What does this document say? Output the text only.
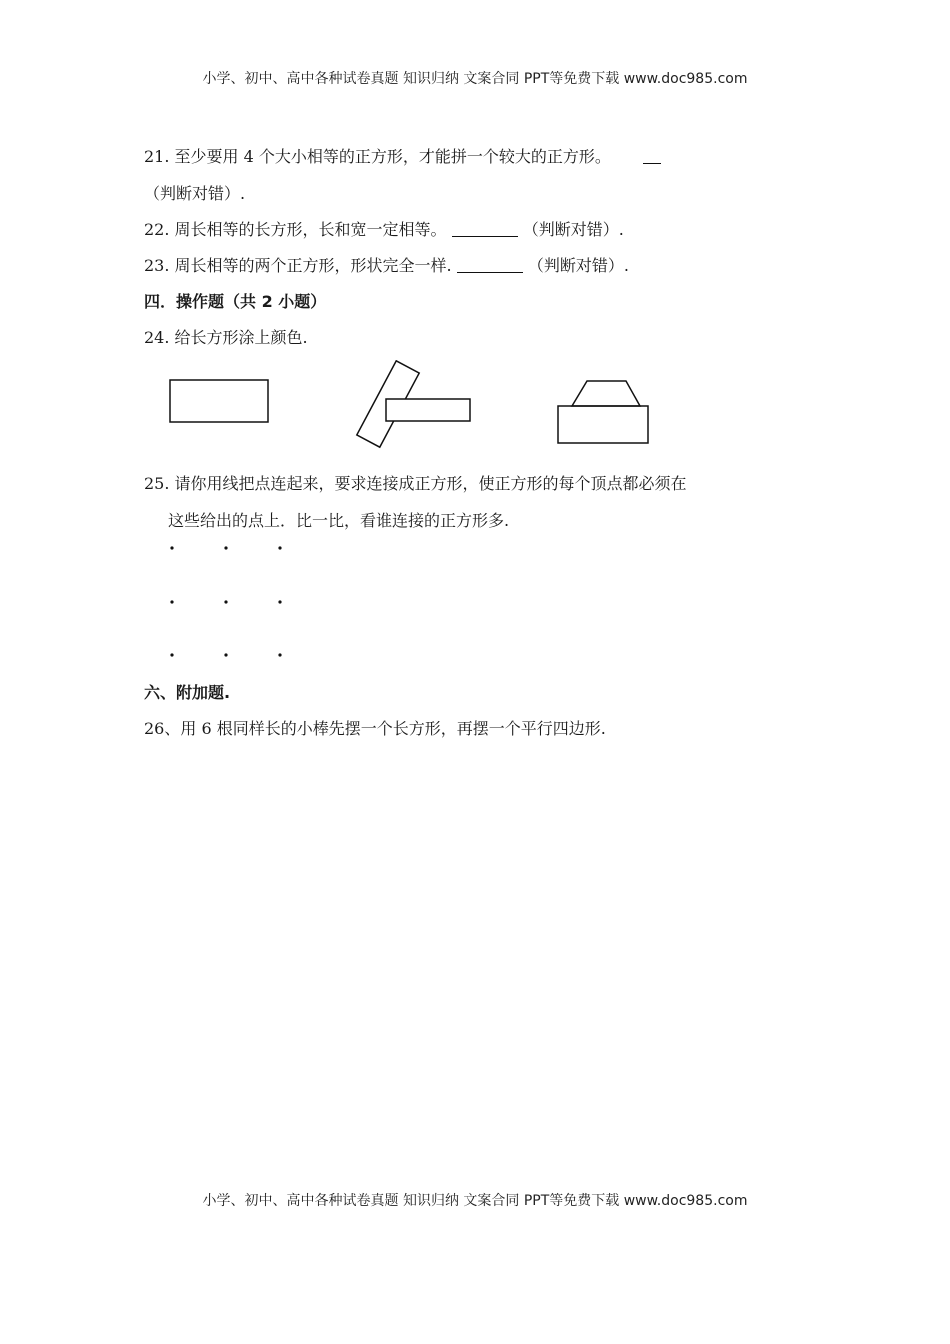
小学、初中、高中各种试卷真题 知识归纳 文案合同 PPT等免费下载 www.doc985.com
21. 至少要用 4 个大小相等的正方形，才能拼一个较大的正方形。
（判断对错）.
22. 周长相等的长方形，长和宽一定相等。	（判断对错）.
23. 周长相等的两个正方形，形状完全一样.	（判断对错）.
四．操作题（共 2 小题）
24. 给长方形涂上颜色.
25. 请你用线把点连起来，要求连接成正方形，使正方形的每个顶点都必须在
这些给出的点上．比一比，看谁连接的正方形多.
六、附加题.
26、用 6 根同样长的小棒先摆一个长方形，再摆一个平行四边形.
小学、初中、高中各种试卷真题 知识归纳 文案合同 PPT等免费下载 www.doc985.com
